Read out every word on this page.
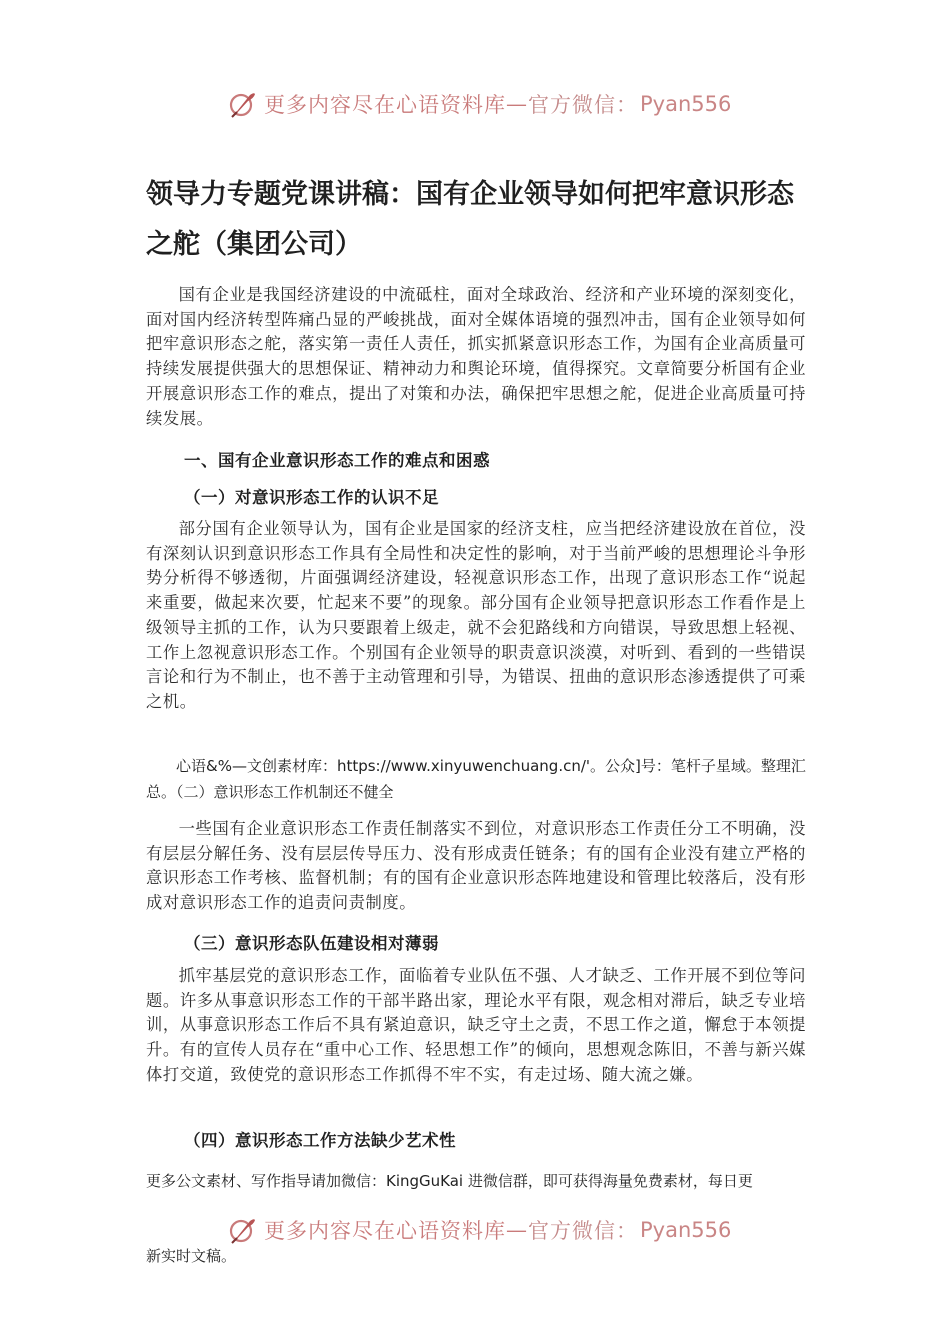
更多内容尽在心语资料库 — 官方微信： Pyan556
领导力专题党课讲稿：国有企业领导如何把牢意识形态之舵（集团公司）

国有企业是我国经济建设的中流砥柱，面对全球政治、经济和产业环境的深刻变化，面对国内经济转型阵痛凸显的严峻挑战，面对全媒体语境的强烈冲击，国有企业领导如何把牢意识形态之舵，落实第一责任人责任，抓实抓紧意识形态工作，为国有企业高质量可持续发展提供强大的思想保证、精神动力和舆论环境，值得探究。文章简要分析国有企业开展意识形态工作的难点，提出了对策和办法，确保把牢思想之舵，促进企业高质量可持续发展。

一、国有企业意识形态工作的难点和困惑

（一）对意识形态工作的认识不足

部分国有企业领导认为，国有企业是国家的经济支柱，应当把经济建设放在首位，没有深刻认识到意识形态工作具有全局性和决定性的影响，对于当前严峻的思想理论斗争形势分析得不够透彻，片面强调经济建设，轻视意识形态工作，出现了意识形态工作“说起来重要，做起来次要，忙起来不要”的现象。部分国有企业领导把意识形态工作看作是上级领导主抓的工作，认为只要跟着上级走，就不会犯路线和方向错误，导致思想上轻视、工作上忽视意识形态工作。个别国有企业领导的职责意识淡漠，对听到、看到的一些错误言论和行为不制止，也不善于主动管理和引导，为错误、扭曲的意识形态渗透提供了可乘之机。

心语&%—文创素材库：https://www.xinyuwenchuang.cn/'。公众]号：笔杆子星域。整理汇总。（二）意识形态工作机制还不健全

一些国有企业意识形态工作责任制落实不到位，对意识形态工作责任分工不明确，没有层层分解任务、没有层层传导压力、没有形成责任链条；有的国有企业没有建立严格的意识形态工作考核、监督机制；有的国有企业意识形态阵地建设和管理比较落后，没有形成对意识形态工作的追责问责制度。

（三）意识形态队伍建设相对薄弱

抓牢基层党的意识形态工作，面临着专业队伍不强、人才缺乏、工作开展不到位等问题。许多从事意识形态工作的干部半路出家，理论水平有限，观念相对滞后，缺乏专业培训，从事意识形态工作后不具有紧迫意识，缺乏守土之责，不思工作之道，懈怠于本领提升。有的宣传人员存在“重中心工作、轻思想工作”的倾向，思想观念陈旧，不善与新兴媒体打交道，致使党的意识形态工作抓得不牢不实，有走过场、随大流之嫌。

（四）意识形态工作方法缺少艺术性

更多公文素材、写作指导请加微信：KingGuKai 进微信群，即可获得海量免费素材，每日更

更多内容尽在心语资料库 — 官方微信： Pyan556

新实时文稿。
